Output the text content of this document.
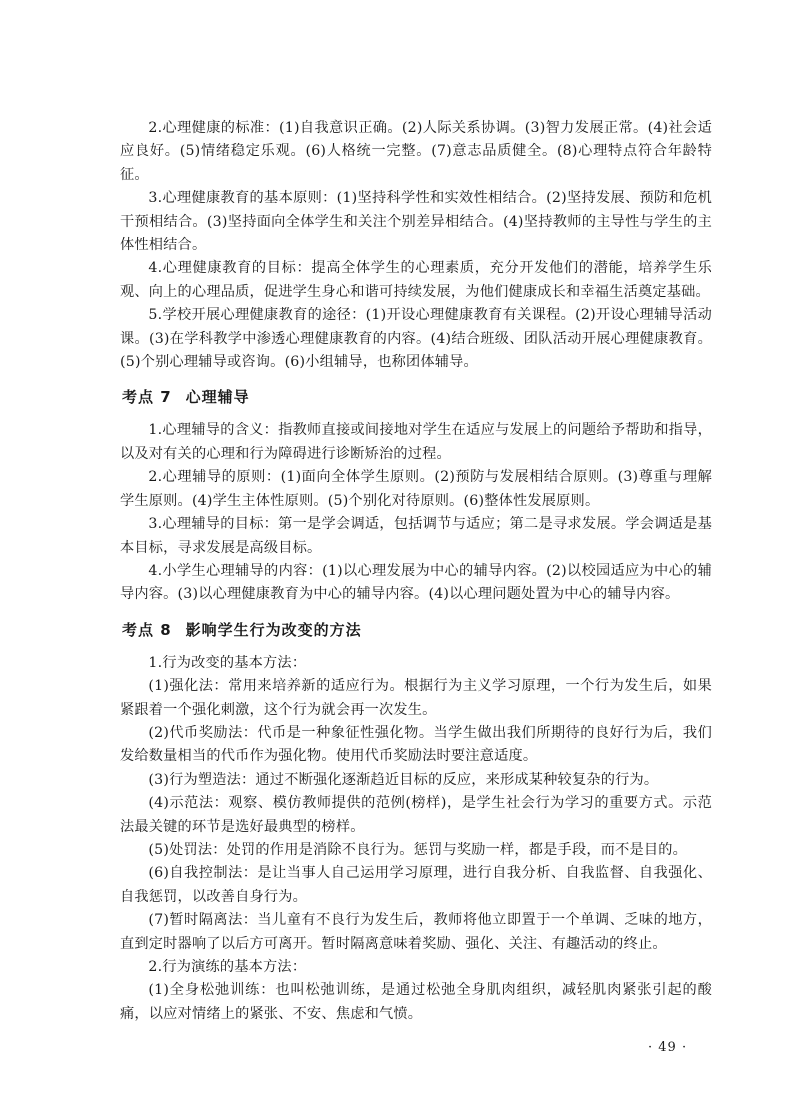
2.心理健康的标准：(1)自我意识正确。(2)人际关系协调。(3)智力发展正常。(4)社会适应良好。(5)情绪稳定乐观。(6)人格统一完整。(7)意志品质健全。(8)心理特点符合年龄特征。

3.心理健康教育的基本原则：(1)坚持科学性和实效性相结合。(2)坚持发展、预防和危机干预相结合。(3)坚持面向全体学生和关注个别差异相结合。(4)坚持教师的主导性与学生的主体性相结合。

4.心理健康教育的目标：提高全体学生的心理素质，充分开发他们的潜能，培养学生乐观、向上的心理品质，促进学生身心和谐可持续发展，为他们健康成长和幸福生活奠定基础。

5.学校开展心理健康教育的途径：(1)开设心理健康教育有关课程。(2)开设心理辅导活动课。(3)在学科教学中渗透心理健康教育的内容。(4)结合班级、团队活动开展心理健康教育。(5)个别心理辅导或咨询。(6)小组辅导，也称团体辅导。

考点 7 心理辅导

1.心理辅导的含义：指教师直接或间接地对学生在适应与发展上的问题给予帮助和指导，以及对有关的心理和行为障碍进行诊断矫治的过程。

2.心理辅导的原则：(1)面向全体学生原则。(2)预防与发展相结合原则。(3)尊重与理解学生原则。(4)学生主体性原则。(5)个别化对待原则。(6)整体性发展原则。

3.心理辅导的目标：第一是学会调适，包括调节与适应；第二是寻求发展。学会调适是基本目标，寻求发展是高级目标。

4.小学生心理辅导的内容：(1)以心理发展为中心的辅导内容。(2)以校园适应为中心的辅导内容。(3)以心理健康教育为中心的辅导内容。(4)以心理问题处置为中心的辅导内容。

考点 8 影响学生行为改变的方法

1.行为改变的基本方法：

(1)强化法：常用来培养新的适应行为。根据行为主义学习原理，一个行为发生后，如果紧跟着一个强化刺激，这个行为就会再一次发生。

(2)代币奖励法：代币是一种象征性强化物。当学生做出我们所期待的良好行为后，我们发给数量相当的代币作为强化物。使用代币奖励法时要注意适度。

(3)行为塑造法：通过不断强化逐渐趋近目标的反应，来形成某种较复杂的行为。

(4)示范法：观察、模仿教师提供的范例(榜样)，是学生社会行为学习的重要方式。示范法最关键的环节是选好最典型的榜样。

(5)处罚法：处罚的作用是消除不良行为。惩罚与奖励一样，都是手段，而不是目的。

(6)自我控制法：是让当事人自己运用学习原理，进行自我分析、自我监督、自我强化、自我惩罚，以改善自身行为。

(7)暂时隔离法：当儿童有不良行为发生后，教师将他立即置于一个单调、乏味的地方，直到定时器响了以后方可离开。暂时隔离意味着奖励、强化、关注、有趣活动的终止。

2.行为演练的基本方法：

(1)全身松弛训练：也叫松弛训练，是通过松弛全身肌肉组织，减轻肌肉紧张引起的酸痛，以应对情绪上的紧张、不安、焦虑和气愤。

· 49 ·
